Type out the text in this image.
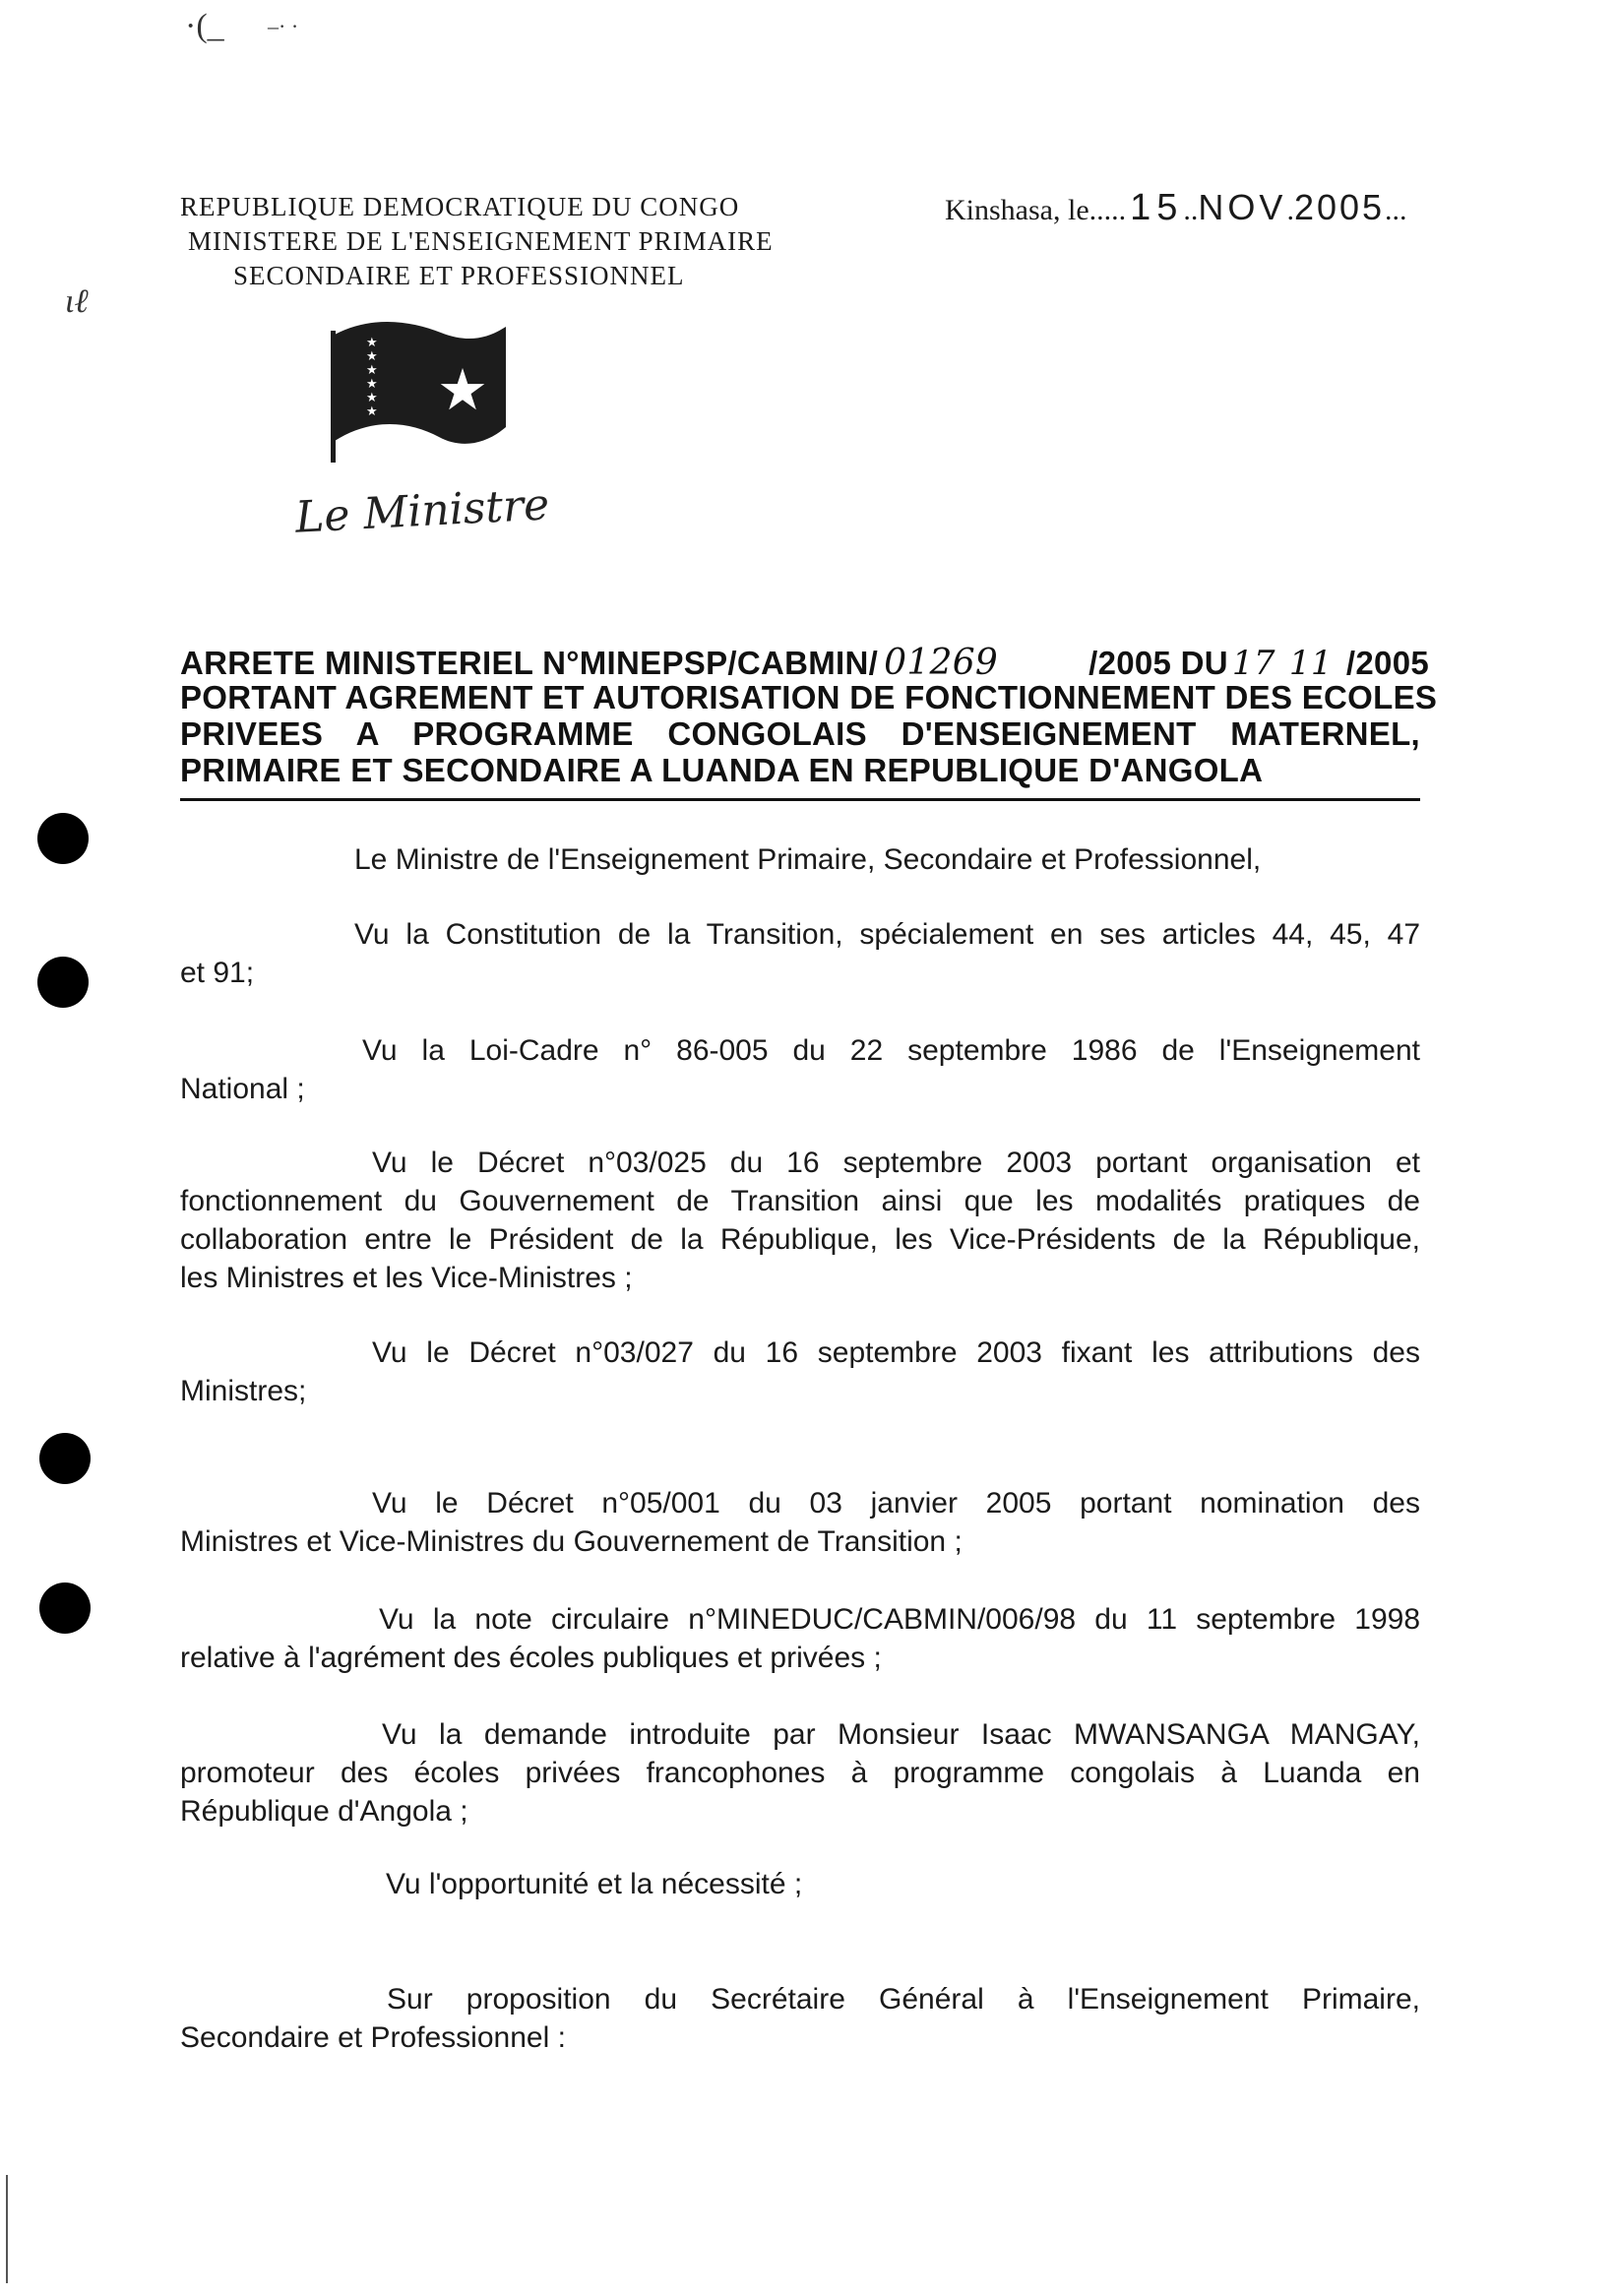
·(_ –· ·
ɩℓ
REPUBLIQUE DEMOCRATIQUE DU CONGO
MINISTERE DE L'ENSEIGNEMENT PRIMAIRE
SECONDAIRE ET PROFESSIONNEL
Kinshasa, le..... 15..NOV.2005...
★
★
★
★
★
★ ★
Le Ministre
ARRETE MINISTERIEL N°MINEPSP/CABMIN/ 01269	/2005 DU 17 11 /2005
PORTANT AGREMENT ET AUTORISATION DE FONCTIONNEMENT DES ECOLES
PRIVEES A PROGRAMME CONGOLAIS D'ENSEIGNEMENT MATERNEL,
PRIMAIRE ET SECONDAIRE A LUANDA EN REPUBLIQUE D'ANGOLA
Le Ministre de l'Enseignement Primaire, Secondaire et Professionnel,
Vu la Constitution de la Transition, spécialement en ses articles 44, 45, 47
et 91;
Vu la Loi-Cadre n° 86-005 du 22 septembre 1986 de l'Enseignement
National ;
Vu le Décret n°03/025 du 16 septembre 2003 portant organisation et
fonctionnement du Gouvernement de Transition ainsi que les modalités pratiques de
collaboration entre le Président de la République, les Vice-Présidents de la République,
les Ministres et les Vice-Ministres ;
Vu le Décret n°03/027 du 16 septembre 2003 fixant les attributions des
Ministres;
Vu le Décret n°05/001 du 03 janvier 2005 portant nomination des
Ministres et Vice-Ministres du Gouvernement de Transition ;
Vu la note circulaire n°MINEDUC/CABMIN/006/98 du 11 septembre 1998
relative à l'agrément des écoles publiques et privées ;
Vu la demande introduite par Monsieur Isaac MWANSANGA MANGAY,
promoteur des écoles privées francophones à programme congolais à Luanda en
République d'Angola ;
Vu l'opportunité et la nécessité ;
Sur proposition du Secrétaire Général à l'Enseignement Primaire,
Secondaire et Professionnel :
